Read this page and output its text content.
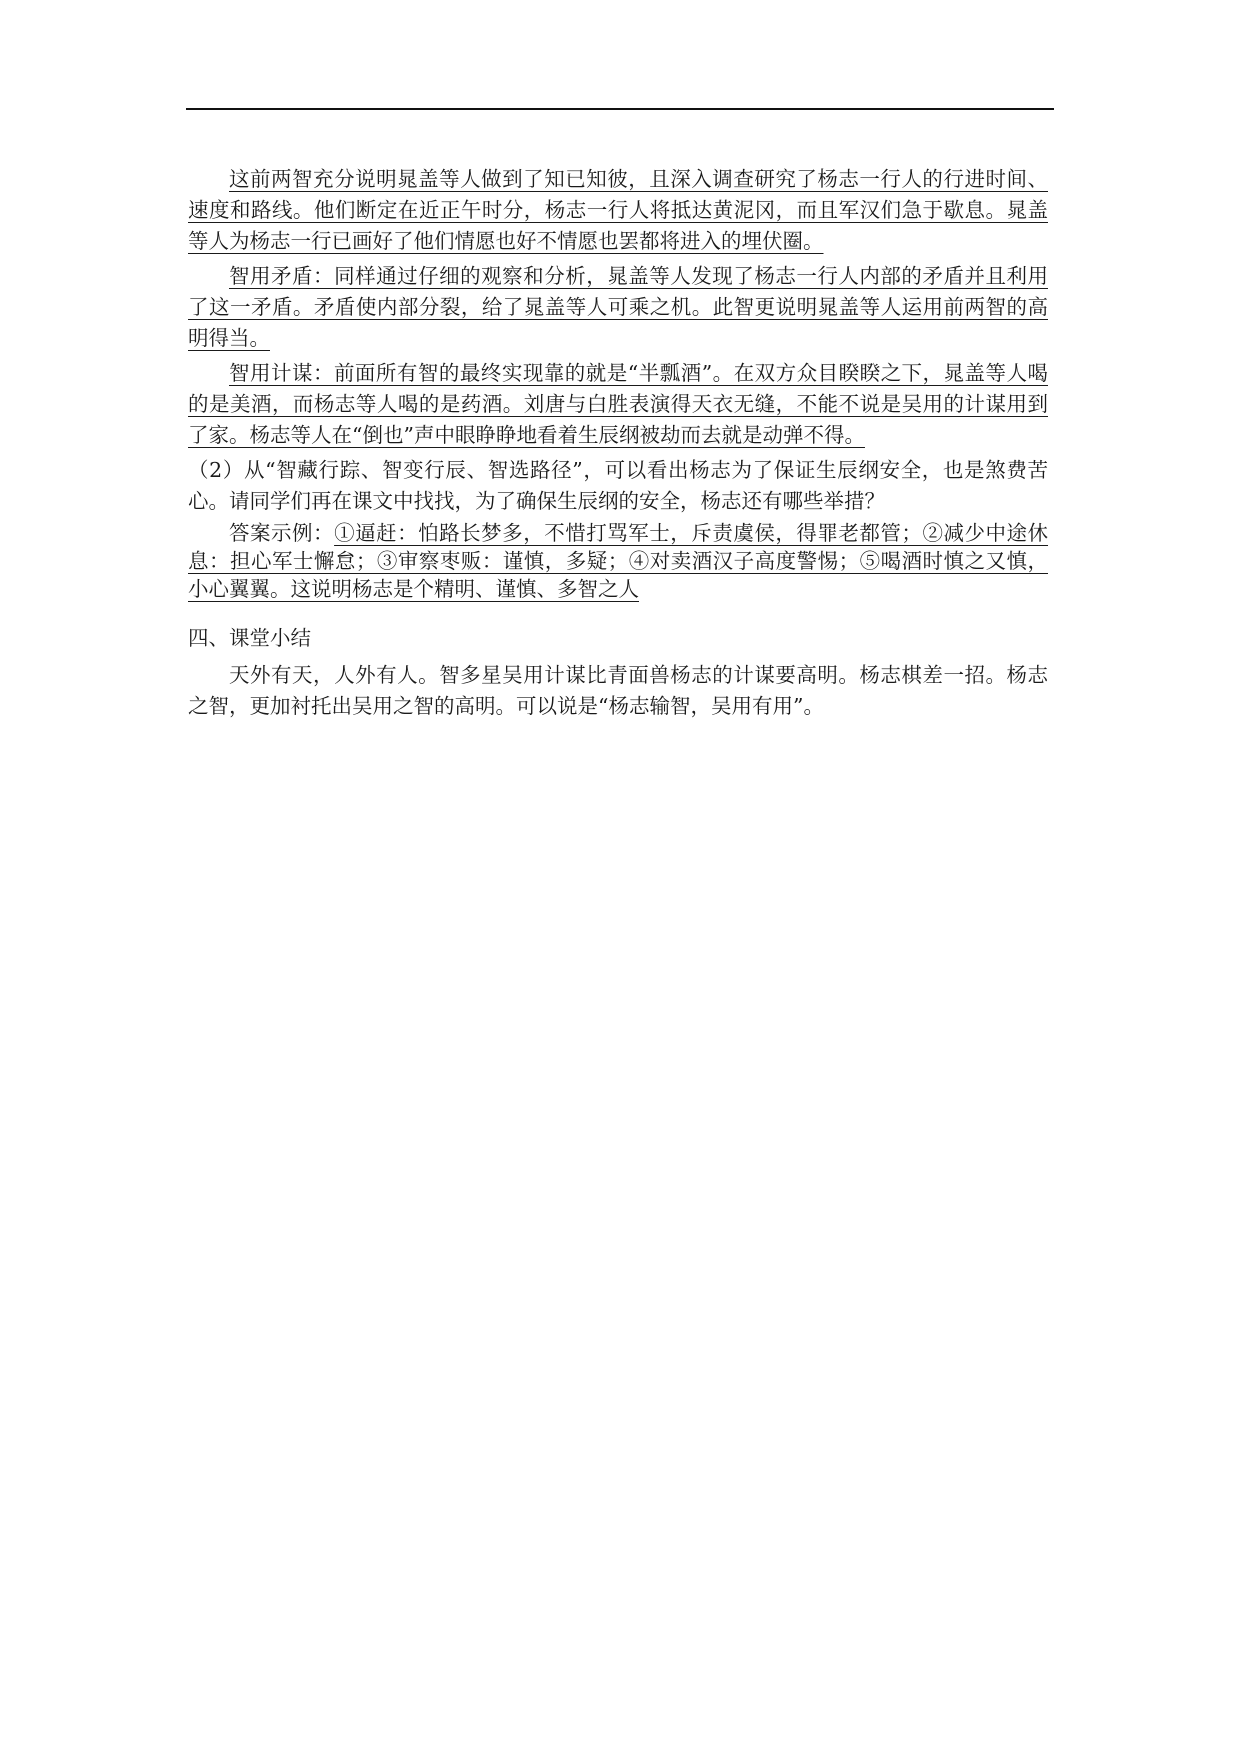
这前两智充分说明晁盖等人做到了知已知彼，且深入调查研究了杨志一行人的行进时间、速度和路线。他们断定在近正午时分，杨志一行人将抵达黄泥冈，而且军汉们急于歇息。晁盖等人为杨志一行已画好了他们情愿也好不情愿也罢都将进入的埋伏圈。

智用矛盾：同样通过仔细的观察和分析，晁盖等人发现了杨志一行人内部的矛盾并且利用了这一矛盾。矛盾使内部分裂，给了晁盖等人可乘之机。此智更说明晁盖等人运用前两智的高明得当。

智用计谋：前面所有智的最终实现靠的就是“半瓢酒”。在双方众目睽睽之下，晁盖等人喝的是美酒，而杨志等人喝的是药酒。刘唐与白胜表演得天衣无缝，不能不说是吴用的计谋用到了家。杨志等人在“倒也”声中眼睁睁地看着生辰纲被劫而去就是动弹不得。

（2）从“智藏行踪、智变行辰、智选路径”，可以看出杨志为了保证生辰纲安全，也是煞费苦心。请同学们再在课文中找找，为了确保生辰纲的安全，杨志还有哪些举措？

答案示例：①逼赶：怕路长梦多，不惜打骂军士，斥责虞侯，得罪老都管；②减少中途休息：担心军士懈怠；③审察枣贩：谨慎，多疑；④对卖酒汉子高度警惕；⑤喝酒时慎之又慎，小心翼翼。这说明杨志是个精明、谨慎、多智之人

四、课堂小结

天外有天，人外有人。智多星吴用计谋比青面兽杨志的计谋要高明。杨志棋差一招。杨志之智，更加衬托出吴用之智的高明。可以说是“杨志输智，吴用有用”。
